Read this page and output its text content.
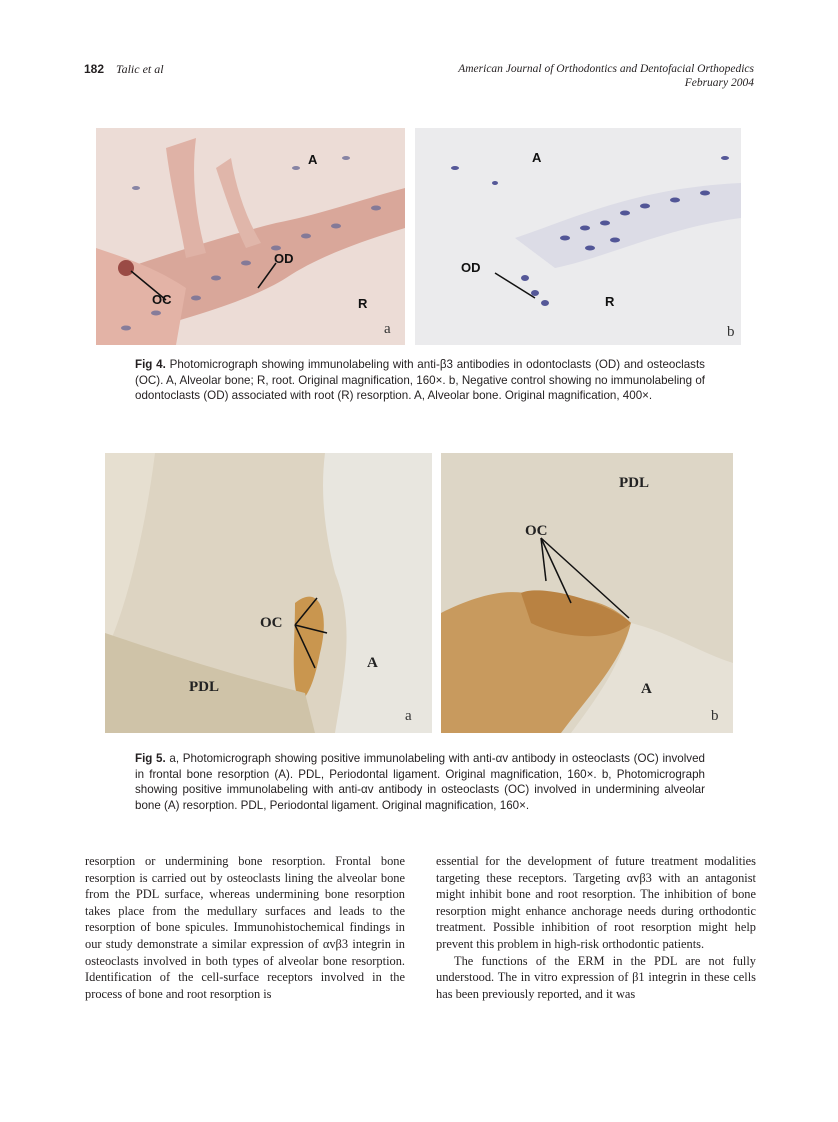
182 Talic et al	American Journal of Orthodontics and Dentofacial Orthopedics
February 2004
A
OD
OC	R
a
A
OD
R
b
Fig 4. Photomicrograph showing immunolabeling with anti-β3 antibodies in odontoclasts (OD) and osteoclasts (OC). A, Alveolar bone; R, root. Original magnification, 160×. b, Negative control showing no immunolabeling of odontoclasts (OD) associated with root (R) resorption. A, Alveolar bone. Original magnification, 400×.
OC
PDL
A
a
PDL
OC
A
b
Fig 5. a, Photomicrograph showing positive immunolabeling with anti-αv antibody in osteoclasts (OC) involved in frontal bone resorption (A). PDL, Periodontal ligament. Original magnification, 160×. b, Photomicrograph showing positive immunolabeling with anti-αv antibody in osteoclasts (OC) involved in undermining alveolar bone (A) resorption. PDL, Periodontal ligament. Original magnification, 160×.

resorption or undermining bone resorption. Frontal bone resorption is carried out by osteoclasts lining the alveolar bone from the PDL surface, whereas undermining bone resorption takes place from the medullary surfaces and leads to the resorption of bone spicules. Immunohistochemical findings in our study demonstrate a similar expression of αvβ3 integrin in osteoclasts involved in both types of alveolar bone resorption. Identification of the cell-surface receptors involved in the process of bone and root resorption is

essential for the development of future treatment modalities targeting these receptors. Targeting αvβ3 with an antagonist might inhibit bone and root resorption. The inhibition of bone resorption might enhance anchorage needs during orthodontic treatment. Possible inhibition of root resorption might help prevent this problem in high-risk orthodontic patients.

The functions of the ERM in the PDL are not fully understood. The in vitro expression of β1 integrin in these cells has been previously reported, and it was
